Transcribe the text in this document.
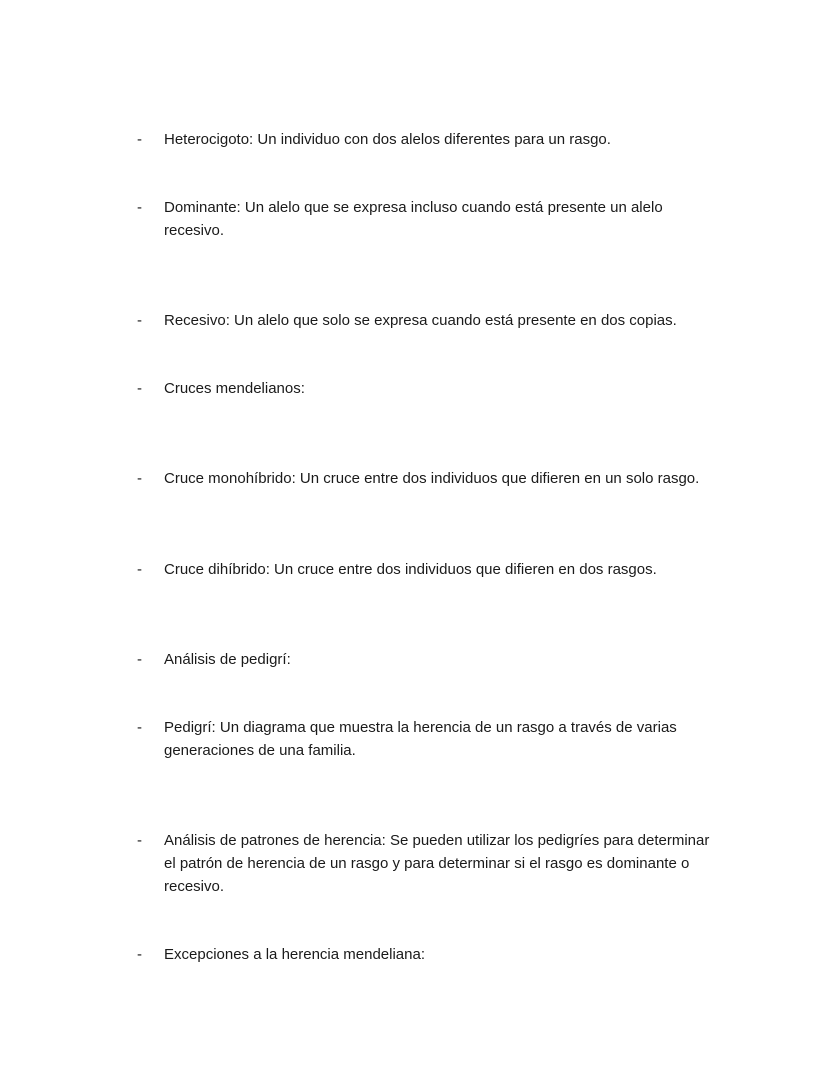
-	Heterocigoto: Un individuo con dos alelos diferentes para un rasgo.
-	Dominante: Un alelo que se expresa incluso cuando está presente un alelo recesivo.
-	Recesivo: Un alelo que solo se expresa cuando está presente en dos copias.
-	Cruces mendelianos:
-	Cruce monohíbrido: Un cruce entre dos individuos que difieren en un solo rasgo.
-	Cruce dihíbrido: Un cruce entre dos individuos que difieren en dos rasgos.
-	Análisis de pedigrí:
-	Pedigrí: Un diagrama que muestra la herencia de un rasgo a través de varias generaciones de una familia.
-	Análisis de patrones de herencia: Se pueden utilizar los pedigríes para determinar el patrón de herencia de un rasgo y para determinar si el rasgo es dominante o recesivo.
-	Excepciones a la herencia mendeliana:
